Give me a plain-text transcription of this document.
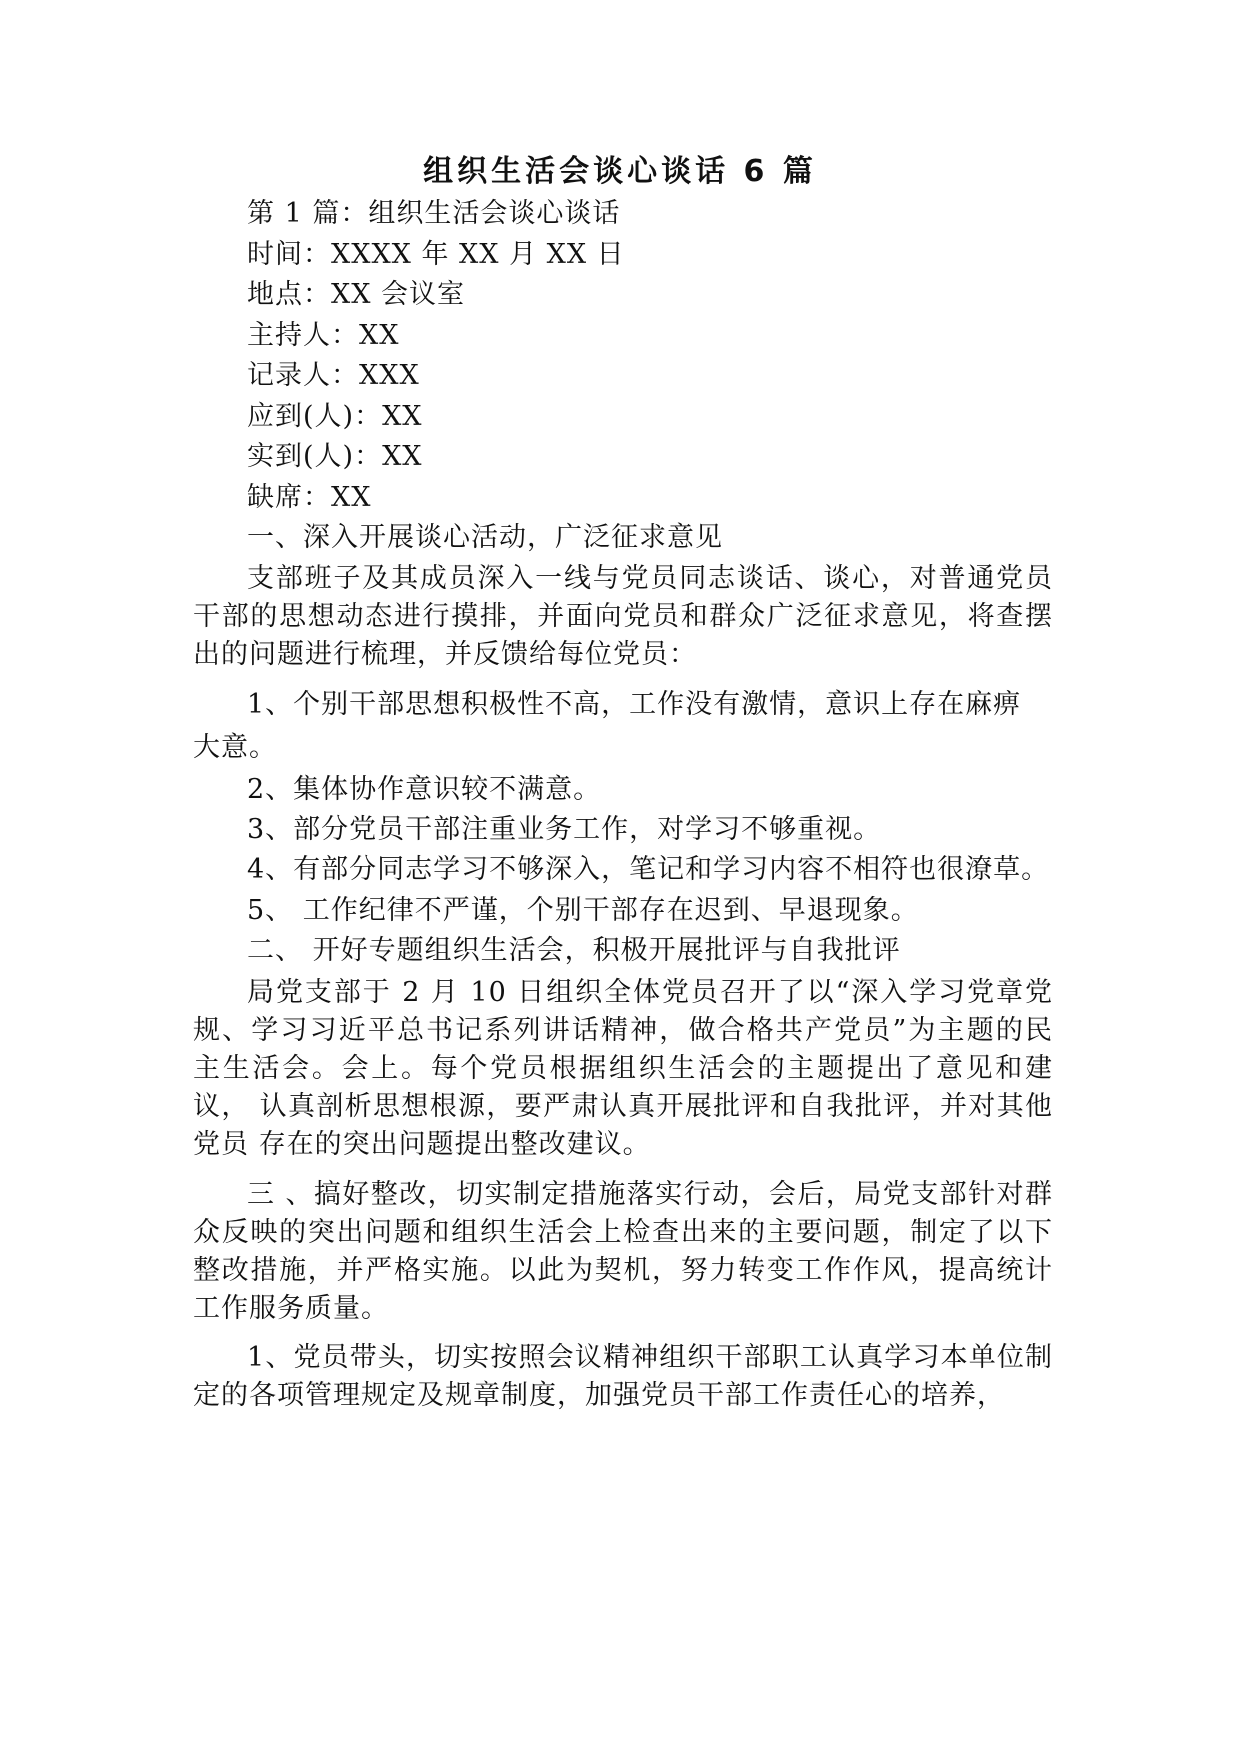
组织生活会谈心谈话 6 篇
第 1 篇：组织生活会谈心谈话
时间：XXXX 年 XX 月 XX 日
地点：XX 会议室
主持人：XX
记录人：XXX
应到(人)：XX
实到(人)：XX
缺席：XX
一、深入开展谈心活动，广泛征求意见
支部班子及其成员深入一线与党员同志谈话、谈心，对普通党员 干部的思想动态进行摸排，并面向党员和群众广泛征求意见，将查摆 出的问题进行梳理，并反馈给每位党员：
1、个别干部思想积极性不高，工作没有激情，意识上存在麻痹
大意。
2、集体协作意识较不满意。
3、部分党员干部注重业务工作，对学习不够重视。
4、有部分同志学习不够深入，笔记和学习内容不相符也很潦草。
5、 工作纪律不严谨，个别干部存在迟到、早退现象。
二、 开好专题组织生活会，积极开展批评与自我批评
局党支部于 2 月 10 日组织全体党员召开了以“深入学习党章党 规、学习习近平总书记系列讲话精神，做合格共产党员”为主题的民 主生活会。会上。每个党员根据组织生活会的主题提出了意见和建议， 认真剖析思想根源，要严肃认真开展批评和自我批评，并对其他党员 存在的突出问题提出整改建议。
三 、搞好整改，切实制定措施落实行动，会后，局党支部针对群 众反映的突出问题和组织生活会上检查出来的主要问题，制定了以下 整改措施，并严格实施。以此为契机，努力转变工作作风，提高统计 工作服务质量。
1、党员带头，切实按照会议精神组织干部职工认真学习本单位制定的各项管理规定及规章制度，加强党员干部工作责任心的培养，
